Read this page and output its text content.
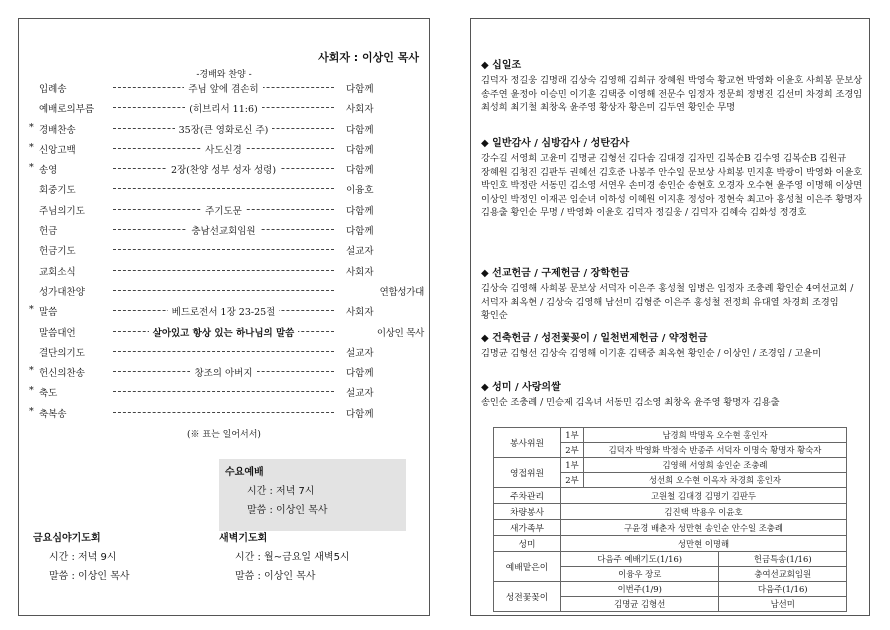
사회자 : 이상인 목사
-경배와 찬양 -
입례송	주님 앞에 겸손히	다함께
예배로의부름	(히브리서 11:6)	사회자
* 경배찬송	35장(큰 영화로신 주)	다함께
* 신앙고백	사도신경	다함께
* 송영	2장(찬양 성부 성자 성령)	다함께
회중기도	이융호
주님의기도	주기도문	다함께
헌금	충남선교회임원	다함께
헌금기도	설교자
교회소식	사회자
성가대찬양	연합성가대
* 말씀	베드로전서 1장 23-25절	사회자
말씀대언	살아있고 항상 있는 하나님의 말씀	이상인 목사
결단의기도	설교자
* 헌신의찬송	창조의 아버지	다함께
* 축도	설교자
* 축복송	다함께
(※ 표는 일어서서)
수요예배
시간 : 저녁 7시
말씀 : 이상인 목사
금요심야기도회
시간 : 저녁 9시
말씀 : 이상인 목사
새벽기도회
시간 : 월~금요일 새벽5시
말씀 : 이상인 목사
◆ 십일조
김덕자 정길웅 김명래 김상숙 김영해 김희규 장혜원 박영숙 황교현 박영화 이윤호 사희봉 문보상 송주연 윤정아 이승민 이기훈 김택중 이영해 전문수 임정자 정문희 정병진 김선미 차경희 조경임 최성희 최기철 최창옥 윤주영 황상자 황은미 김두연 황인순 무명
◆ 일반감사 / 심방감사 / 성탄감사
강수길 서영희 고윤미 김명균 김형선 김다솜 김대경 김자민 김복순B 김수영 김복순B 김원규 장혜원 김청진 김판두 권혜선 김호준 나봉주 안수일 문보상 사희봉 민지훈 박광이 박영화 이윤호 박인호 박정란 서동민 김소영 서연우 손미경 송인순 송현호 오경자 오수현 윤주영 이명해 이상면 이상인 박정인 이재곤 임순녀 이하성 이혜원 이지훈 정성아 정현숙 최고아 홍성철 이은주 황명자 김용출 황인순 무명 / 박영화 이윤호 김덕자 정길웅 / 김덕자 김혜숙 김화성 정경호
◆ 선교헌금 / 구제헌금 / 장학헌금
김상숙 김영해 사희봉 문보상 서덕자 이은주 홍성철 임병은 임정자 조충례 황인순 4여선교회 / 서덕자 최옥현 / 김상숙 김영해 남선미 김형준 이은주 홍성철 전정희 유대열 차경희 조경임 황인순
◆ 건축헌금 / 성전꽃꽂이 / 일천번제헌금 / 약정헌금
김명균 김형선 김상숙 김영해 이기훈 김택중 최옥현 황인순 / 이상인 / 조경임 / 고윤미
◆ 성미 / 사랑의쌀
송인순 조충례 / 민승제 김옥녀 서동민 김소영 최창옥 윤주영 황명자 김용출
봉사위원	1부	남경희 박명옥 오수현 홍인자	
	2부	김덕자 박영화 박정숙 반종주 서덕자 이명숙 황명자 황숙자	
영접위원	1부	김영해 서영희 송인순 조충례	
	2부	성선희 오수현 이옥자 차경희 홍인자	
주차관리	고원철 김대경 김명기 김판두		
차량봉사	김진택 박용우 이윤호		
새가족부	구윤경 배춘자 성만현 송인순 안수일 조충례		
성미	성만현 이명해		
예배맡은이	다음주 예배기도(1/16)		헌금특송(1/16)
	이융우 장로		충여선교회임원
성전꽃꽂이	이번주(1/9)		다음주(1/16)
	김명균 김형선		남선미
